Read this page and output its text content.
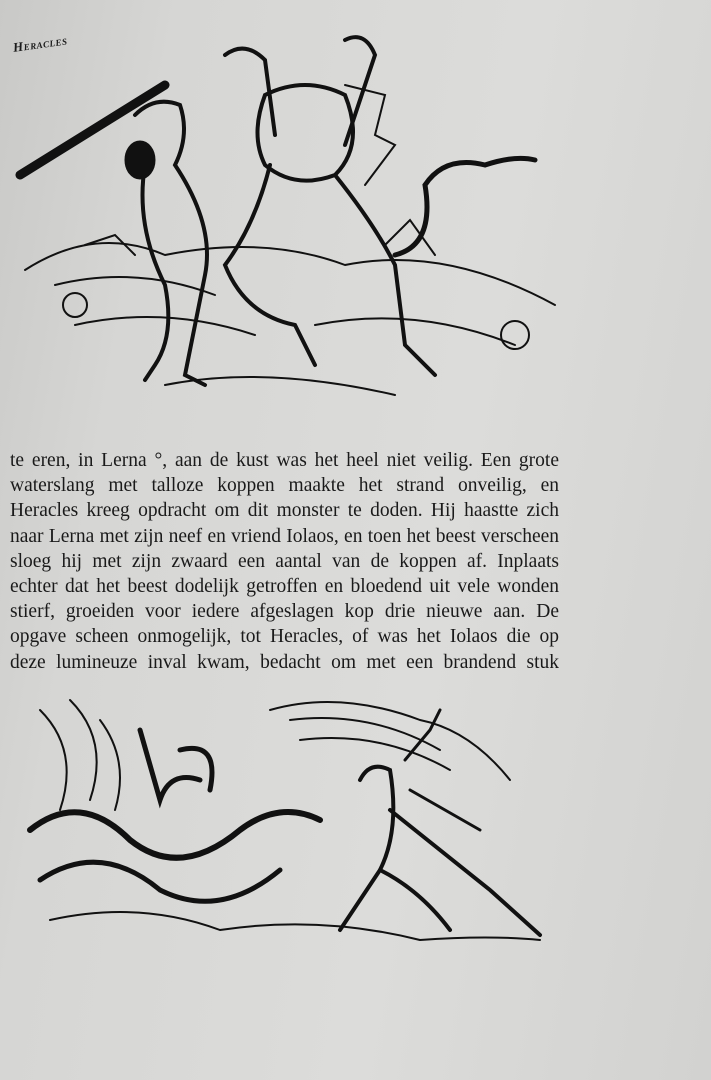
Heracles
te eren, in Lerna °, aan de kust was het heel niet veilig. Een grote
waterslang met talloze koppen maakte het strand onveilig, en
Heracles kreeg opdracht om dit monster te doden. Hij haastte zich
naar Lerna met zijn neef en vriend Iolaos, en toen het beest verscheen
sloeg hij met zijn zwaard een aantal van de koppen af. Inplaats
echter dat het beest dodelijk getroffen en bloedend uit vele wonden
stierf, groeiden voor iedere afgeslagen kop drie nieuwe aan. De
opgave scheen onmogelijk, tot Heracles, of was het Iolaos die op
deze lumineuze inval kwam, bedacht om met een brandend stuk
